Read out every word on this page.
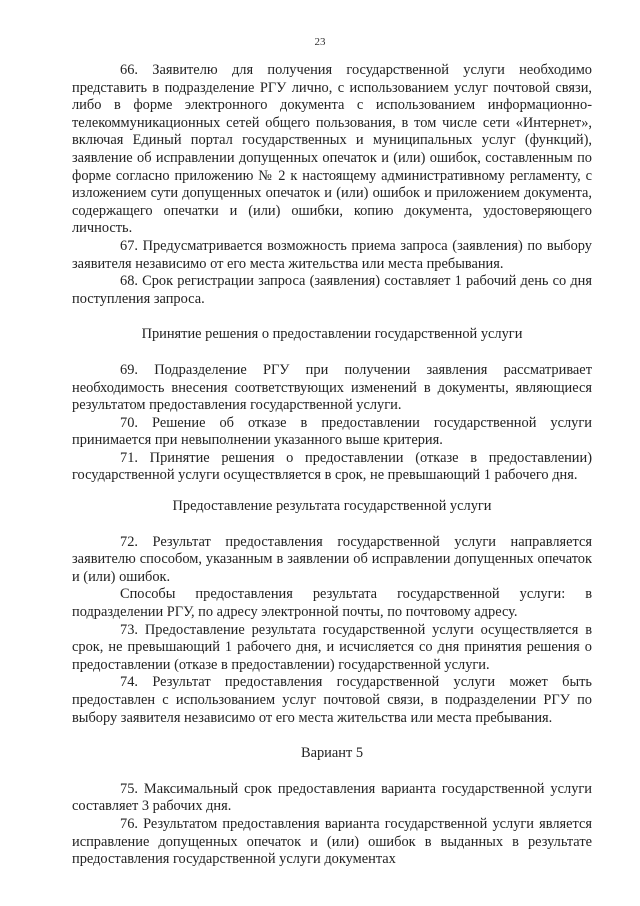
23

66. Заявителю для получения государственной услуги необходимо представить в подразделение РГУ лично, с использованием услуг почтовой связи, либо в форме электронного документа с использованием информационно-телекоммуникационных сетей общего пользования, в том числе сети «Интернет», включая Единый портал государственных и муниципальных услуг (функций), заявление об исправлении допущенных опечаток и (или) ошибок, составленным по форме согласно приложению № 2 к настоящему административному регламенту, с изложением сути допущенных опечаток и (или) ошибок и приложением документа, содержащего опечатки и (или) ошибки, копию документа, удостоверяющего личность.

67. Предусматривается возможность приема запроса (заявления) по выбору заявителя независимо от его места жительства или места пребывания.

68. Срок регистрации запроса (заявления) составляет 1 рабочий день со дня поступления запроса.

Принятие решения о предоставлении государственной услуги

69. Подразделение РГУ при получении заявления рассматривает необходимость внесения соответствующих изменений в документы, являющиеся результатом предоставления государственной услуги.

70. Решение об отказе в предоставлении государственной услуги принимается при невыполнении указанного выше критерия.

71. Принятие решения о предоставлении (отказе в предоставлении) государственной услуги осуществляется в срок, не превышающий 1 рабочего дня.

Предоставление результата государственной услуги

72. Результат предоставления государственной услуги направляется заявителю способом, указанным в заявлении об исправлении допущенных опечаток и (или) ошибок.

Способы предоставления результата государственной услуги: в подразделении РГУ, по адресу электронной почты, по почтовому адресу.

73. Предоставление результата государственной услуги осуществляется в срок, не превышающий 1 рабочего дня, и исчисляется со дня принятия решения о предоставлении (отказе в предоставлении) государственной услуги.

74. Результат предоставления государственной услуги может быть предоставлен с использованием услуг почтовой связи, в подразделении РГУ по выбору заявителя независимо от его места жительства или места пребывания.

Вариант 5

75. Максимальный срок предоставления варианта государственной услуги составляет 3 рабочих дня.

76. Результатом предоставления варианта государственной услуги является исправление допущенных опечаток и (или) ошибок в выданных в результате предоставления государственной услуги документах
